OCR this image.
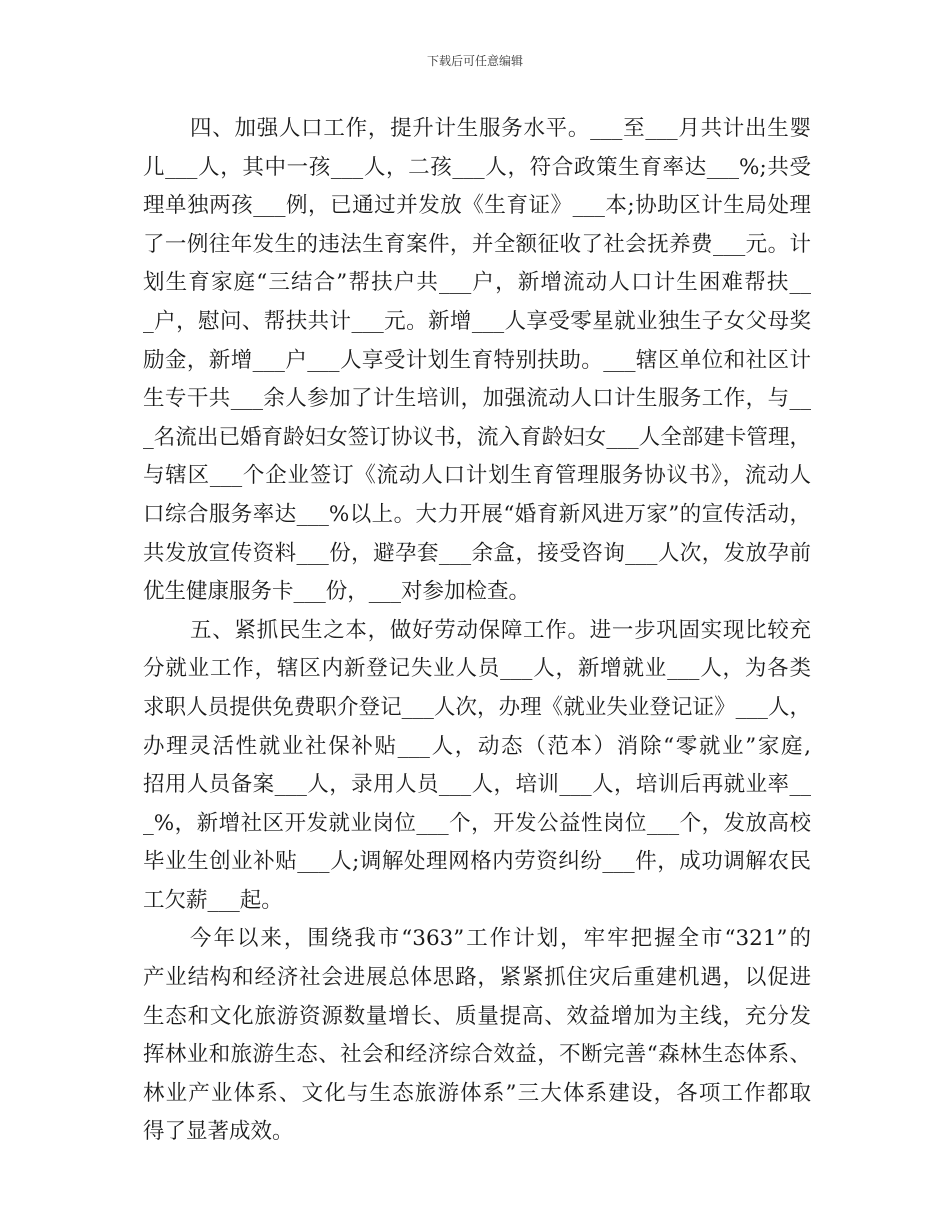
下载后可任意编辑
四、加强人口工作，提升计生服务水平。___至___月共计出生婴
儿___人，其中一孩___人，二孩___人，符合政策生育率达___%;共受
理单独两孩___例，已通过并发放《生育证》___本;协助区计生局处理
了一例往年发生的违法生育案件，并全额征收了社会抚养费___元。计
划生育家庭“三结合”帮扶户共___户，新增流动人口计生困难帮扶__
_户，慰问、帮扶共计___元。新增___人享受零星就业独生子女父母奖
励金，新增___户___人享受计划生育特别扶助。___辖区单位和社区计
生专干共___余人参加了计生培训，加强流动人口计生服务工作，与__
_名流出已婚育龄妇女签订协议书，流入育龄妇女___人全部建卡管理，
与辖区___个企业签订《流动人口计划生育管理服务协议书》，流动人
口综合服务率达___%以上。大力开展“婚育新风进万家”的宣传活动，
共发放宣传资料___份，避孕套___余盒，接受咨询___人次，发放孕前
优生健康服务卡___份，___对参加检查。
五、紧抓民生之本，做好劳动保障工作。进一步巩固实现比较充
分就业工作，辖区内新登记失业人员___人，新增就业___人，为各类
求职人员提供免费职介登记___人次，办理《就业失业登记证》___人，
办理灵活性就业社保补贴___人，动态（范本）消除“零就业”家庭,
招用人员备案___人，录用人员___人，培训___人，培训后再就业率__
_%，新增社区开发就业岗位___个，开发公益性岗位___个，发放高校
毕业生创业补贴___人;调解处理网格内劳资纠纷___件，成功调解农民
工欠薪___起。
今年以来，围绕我市“363”工作计划，牢牢把握全市“321”的
产业结构和经济社会进展总体思路，紧紧抓住灾后重建机遇，以促进
生态和文化旅游资源数量增长、质量提高、效益增加为主线，充分发
挥林业和旅游生态、社会和经济综合效益，不断完善“森林生态体系、
林业产业体系、文化与生态旅游体系”三大体系建设，各项工作都取
得了显著成效。
